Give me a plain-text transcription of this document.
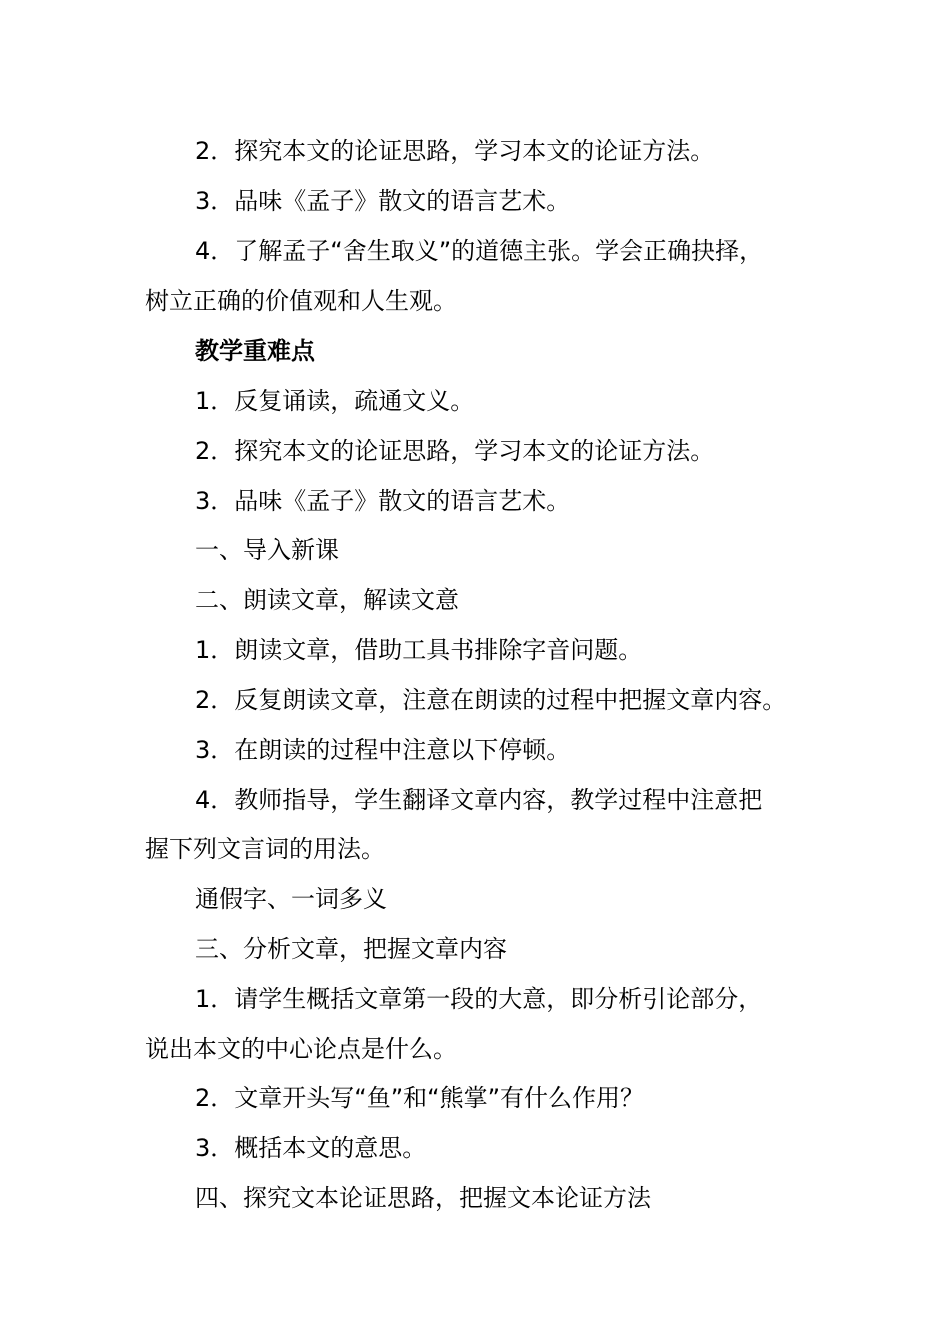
2．探究本文的论证思路，学习本文的论证方法。
3．品味《孟子》散文的语言艺术。
4．了解孟子“舍生取义”的道德主张。学会正确抉择，
树立正确的价值观和人生观。
教学重难点
1．反复诵读，疏通文义。
2．探究本文的论证思路，学习本文的论证方法。
3．品味《孟子》散文的语言艺术。
一、导入新课
二、朗读文章，解读文意
1．朗读文章，借助工具书排除字音问题。
2．反复朗读文章，注意在朗读的过程中把握文章内容。
3．在朗读的过程中注意以下停顿。
4．教师指导，学生翻译文章内容，教学过程中注意把
握下列文言词的用法。
通假字、一词多义
三、分析文章，把握文章内容
1．请学生概括文章第一段的大意，即分析引论部分，
说出本文的中心论点是什么。
2．文章开头写“鱼”和“熊掌”有什么作用？
3．概括本文的意思。
四、探究文本论证思路，把握文本论证方法
